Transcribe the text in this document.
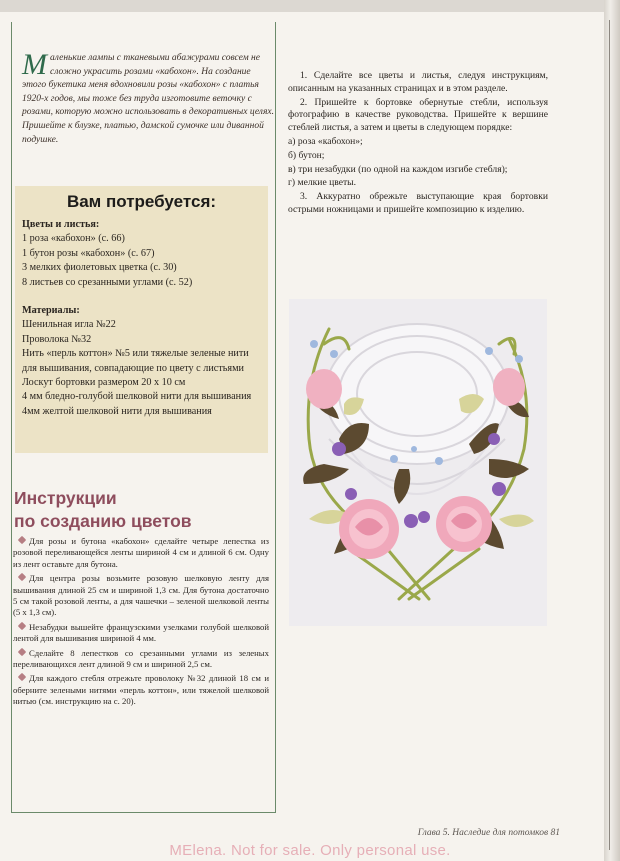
Маленькие лампы с тканевыми абажурами совсем не сложно украсить розами «кабохон». На создание этого букетика меня вдохновили розы «кабохон» с платья 1920-х годов, мы тоже без труда изготовите веточку с розами, которую можно использовать в декоративных целях. Пришейте к блузке, платью, дамской сумочке или диванной подушке.

Вам потребуется:
Цветы и листья:
1 роза «кабохон» (с. 66)
1 бутон розы «кабохон» (с. 67)
3 мелких фиолетовых цветка (с. 30)
8 листьев со срезанными углами (с. 52)
Материалы:
Шенильная игла №22
Проволока №32
Нить «перль коттон» №5 или тяжелые зеленые нити для вышивания, совпадающие по цвету с листьями
Лоскут бортовки размером 20 х 10 см
4 мм бледно-голубой шелковой нити для вышивания
4мм желтой шелковой нити для вышивания
Инструкции
по созданию цветов
Для розы и бутона «кабохон» сделайте четыре лепестка из розовой переливающейся ленты шириной 4 см и длиной 6 см. Одну из лент оставьте для бутона.
Для центра розы возьмите розовую шелковую ленту для вышивания длиной 25 см и шириной 1,3 см. Для бутона достаточно 5 см такой розовой ленты, а для чашечки – зеленой шелковой ленты (5 х 1,3 см).
Незабудки вышейте французскими узелками голубой шелковой лентой для вышивания шириной 4 мм.
Сделайте 8 лепестков со срезанными углами из зеленых переливающихся лент длиной 9 см и шириной 2,5 см.
Для каждого стебля отрежьте проволоку №32 длиной 18 см и оберните зелеными нитями «перль коттон», или тяжелой шелковой нитью (см. инструкцию на с. 20).
1. Сделайте все цветы и листья, следуя инструкциям, описанным на указанных страницах и в этом разделе.
2. Пришейте к бортовке обернутые стебли, используя фотографию в качестве руководства. Пришейте к вершине стеблей листья, а затем и цветы в следующем порядке:
а) роза «кабохон»;
б) бутон;
в) три незабудки (по одной на каждом изгибе стебля);
г) мелкие цветы.
3. Аккуратно обрежьте выступающие края бортовки острыми ножницами и пришейте композицию к изделию.
Глава 5. Наследие для потомков 81
MElena. Not for sale. Only personal use.
